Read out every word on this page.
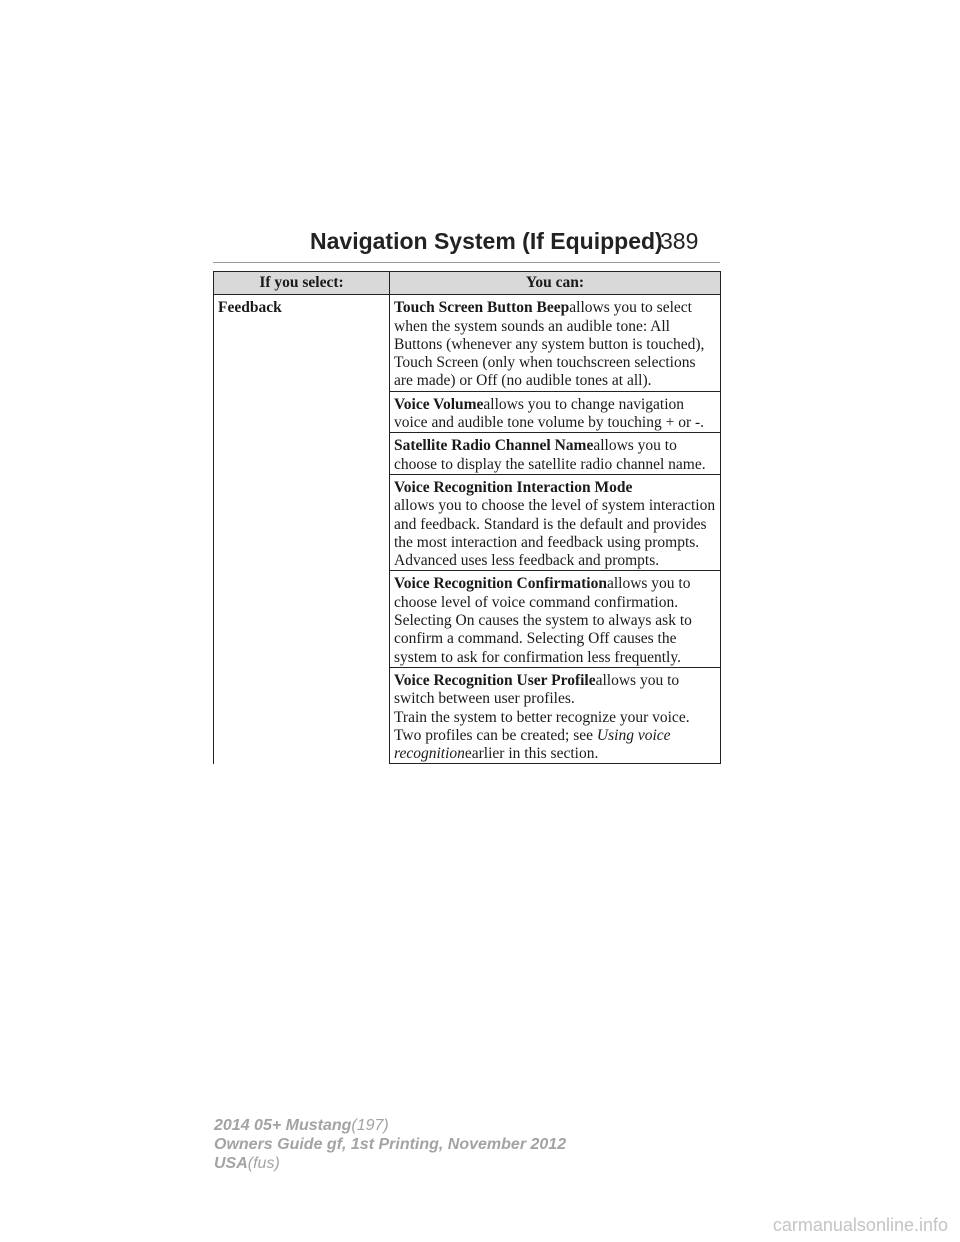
Navigation System (If Equipped)
389
If you select:	You can:
Feedback	Touch Screen Button Beepallows you to select when the system sounds an audible tone: All Buttons (whenever any system button is touched), Touch Screen (only when touchscreen selections are made) or Off (no audible tones at all).
	Voice Volumeallows you to change navigation voice and audible tone volume by touching + or -.
	Satellite Radio Channel Nameallows you to choose to display the satellite radio channel name.
	Voice Recognition Interaction Mode
allows you to choose the level of system interaction and feedback. Standard is the default and provides the most interaction and feedback using prompts. Advanced uses less feedback and prompts.
	Voice Recognition Confirmationallows you to choose level of voice command confirmation. Selecting On causes the system to always ask to confirm a command. Selecting Off causes the system to ask for confirmation less frequently.
	Voice Recognition User Profileallows you to switch between user profiles.
Train the system to better recognize your voice. Two profiles can be created; see Using voice recognitionearlier in this section.
2014 05+ Mustang(197)
Owners Guide gf, 1st Printing, November 2012
USA(fus)
carmanualsonline.info
